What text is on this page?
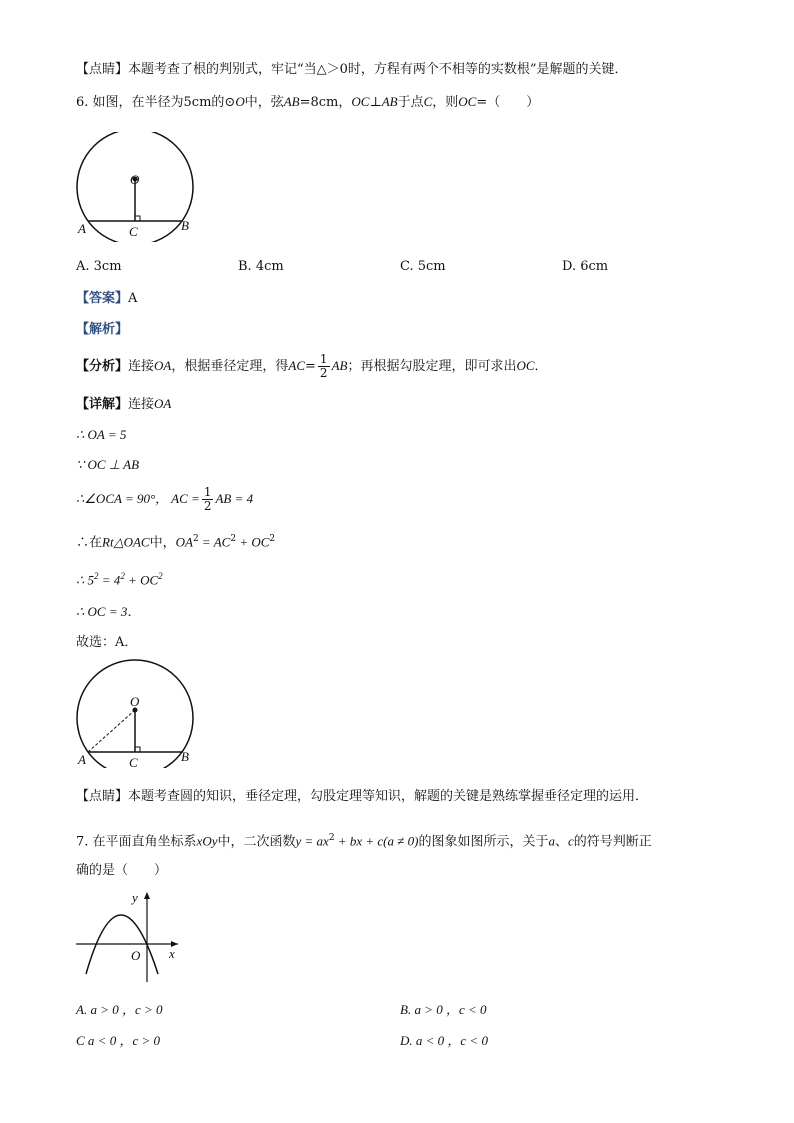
【点睛】本题考查了根的判别式，牢记“当△＞0时，方程有两个不相等的实数根”是解题的关键．
6. 如图，在半径为5cm的⊙O中，弦AB=8cm，OC⊥AB于点C，则OC=（　　）
O
A	C	B
A. 3cm	B. 4cm	C. 5cm	D. 6cm
【答案】A
【解析】
【分析】连接OA，根据垂径定理，得$AC= \frac{1}{2}$ AB；再根据勾股定理，即可求出OC．
【详解】连接OA
∴ OA = 5
∵ OC ⊥ AB
∴∠OCA = 90°， AC = $\frac{1}{2}$ AB = 4
∴在Rt△OAC中，$OA^2 = AC^2 + OC^2$
∴ $5^2 = 4^2 + OC^2$
∴ OC = 3．
故选：A．
O
A	C	B
【点睛】本题考查圆的知识，垂径定理，勾股定理等知识，解题的关键是熟练掌握垂径定理的运用．
7. 在平面直角坐标系xOy中，二次函数$y = ax^2$ + bx + c(a ≠ 0)的图象如图所示，关于a、c的符号判断正
确的是（　　）
y
O x
A. a > 0 ，c > 0	B. a > 0 ，c < 0
C a < 0 ，c > 0	D. a < 0 ，c < 0
